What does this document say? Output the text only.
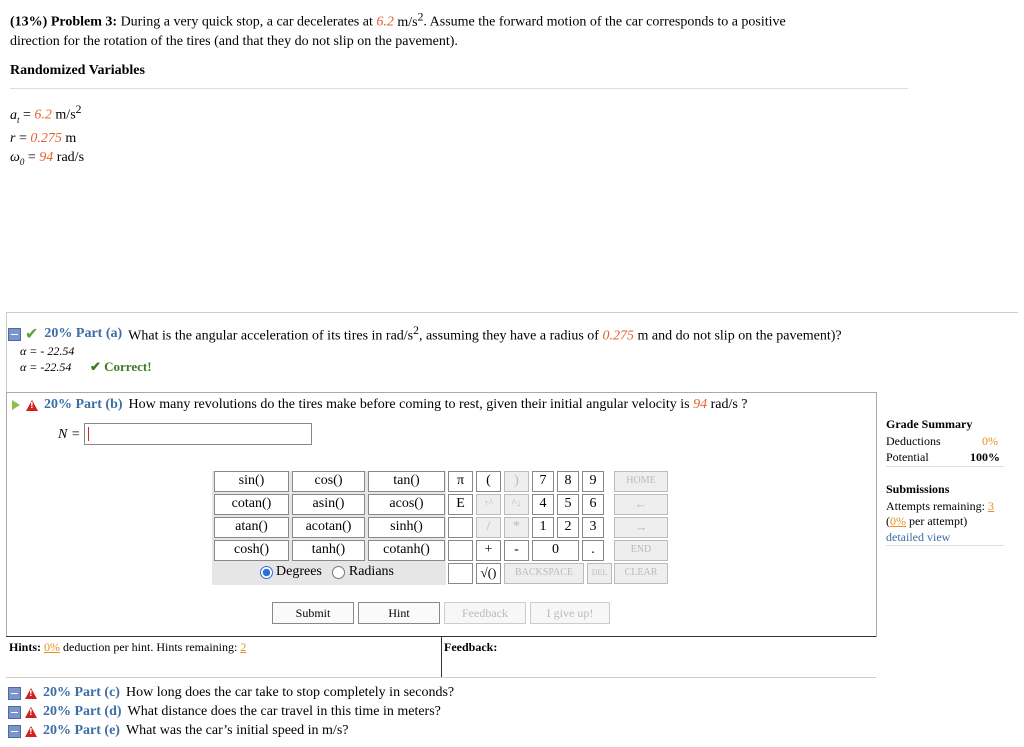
(13%) Problem 3: During a very quick stop, a car decelerates at 6.2 $m/s^2$. Assume the forward motion of the car corresponds to a positive
direction for the rotation of the tires (and that they do not slip on the pavement).
Randomized Variables
$a_t = 6.2$ $m/s^2$
r = 0.275 m
$\omega_0 = 94$ rad/s
✔ 20% Part (a) What is the angular acceleration of its tires in rad/$s^2$, assuming they have a radius of 0.275 m and do not slip on the pavement)?
α = - 22.54
α = -22.54 ✔ Correct!
!
20% Part (b) How many revolutions do the tires make before coming to rest, given their initial angular velocity is 94 rad/s ?
N =
Grade Summary
Deductions	0%
Potential	100%
Submissions
Attempts remaining: 3
(0% per attempt)
detailed view
sin()	cos()	tan()
cotan()	asin()	acos()
atan()	acotan()	sinh()
cosh()	tanh()	cotanh()
Degrees Radians
π	(	)
E	↑^	^↓
/	*
+	-
√()
7	8	9
4	5	6
1	2	3
0	.
HOME
←
→
END
BACKSPACE	DEL	CLEAR
Submit	Hint	Feedback	I give up!
Hints: 0% deduction per hint. Hints remaining: 2	Feedback:
!
20% Part (c) How long does the car take to stop completely in seconds?
!
20% Part (d) What distance does the car travel in this time in meters?
!
20% Part (e) What was the car’s initial speed in m/s?
